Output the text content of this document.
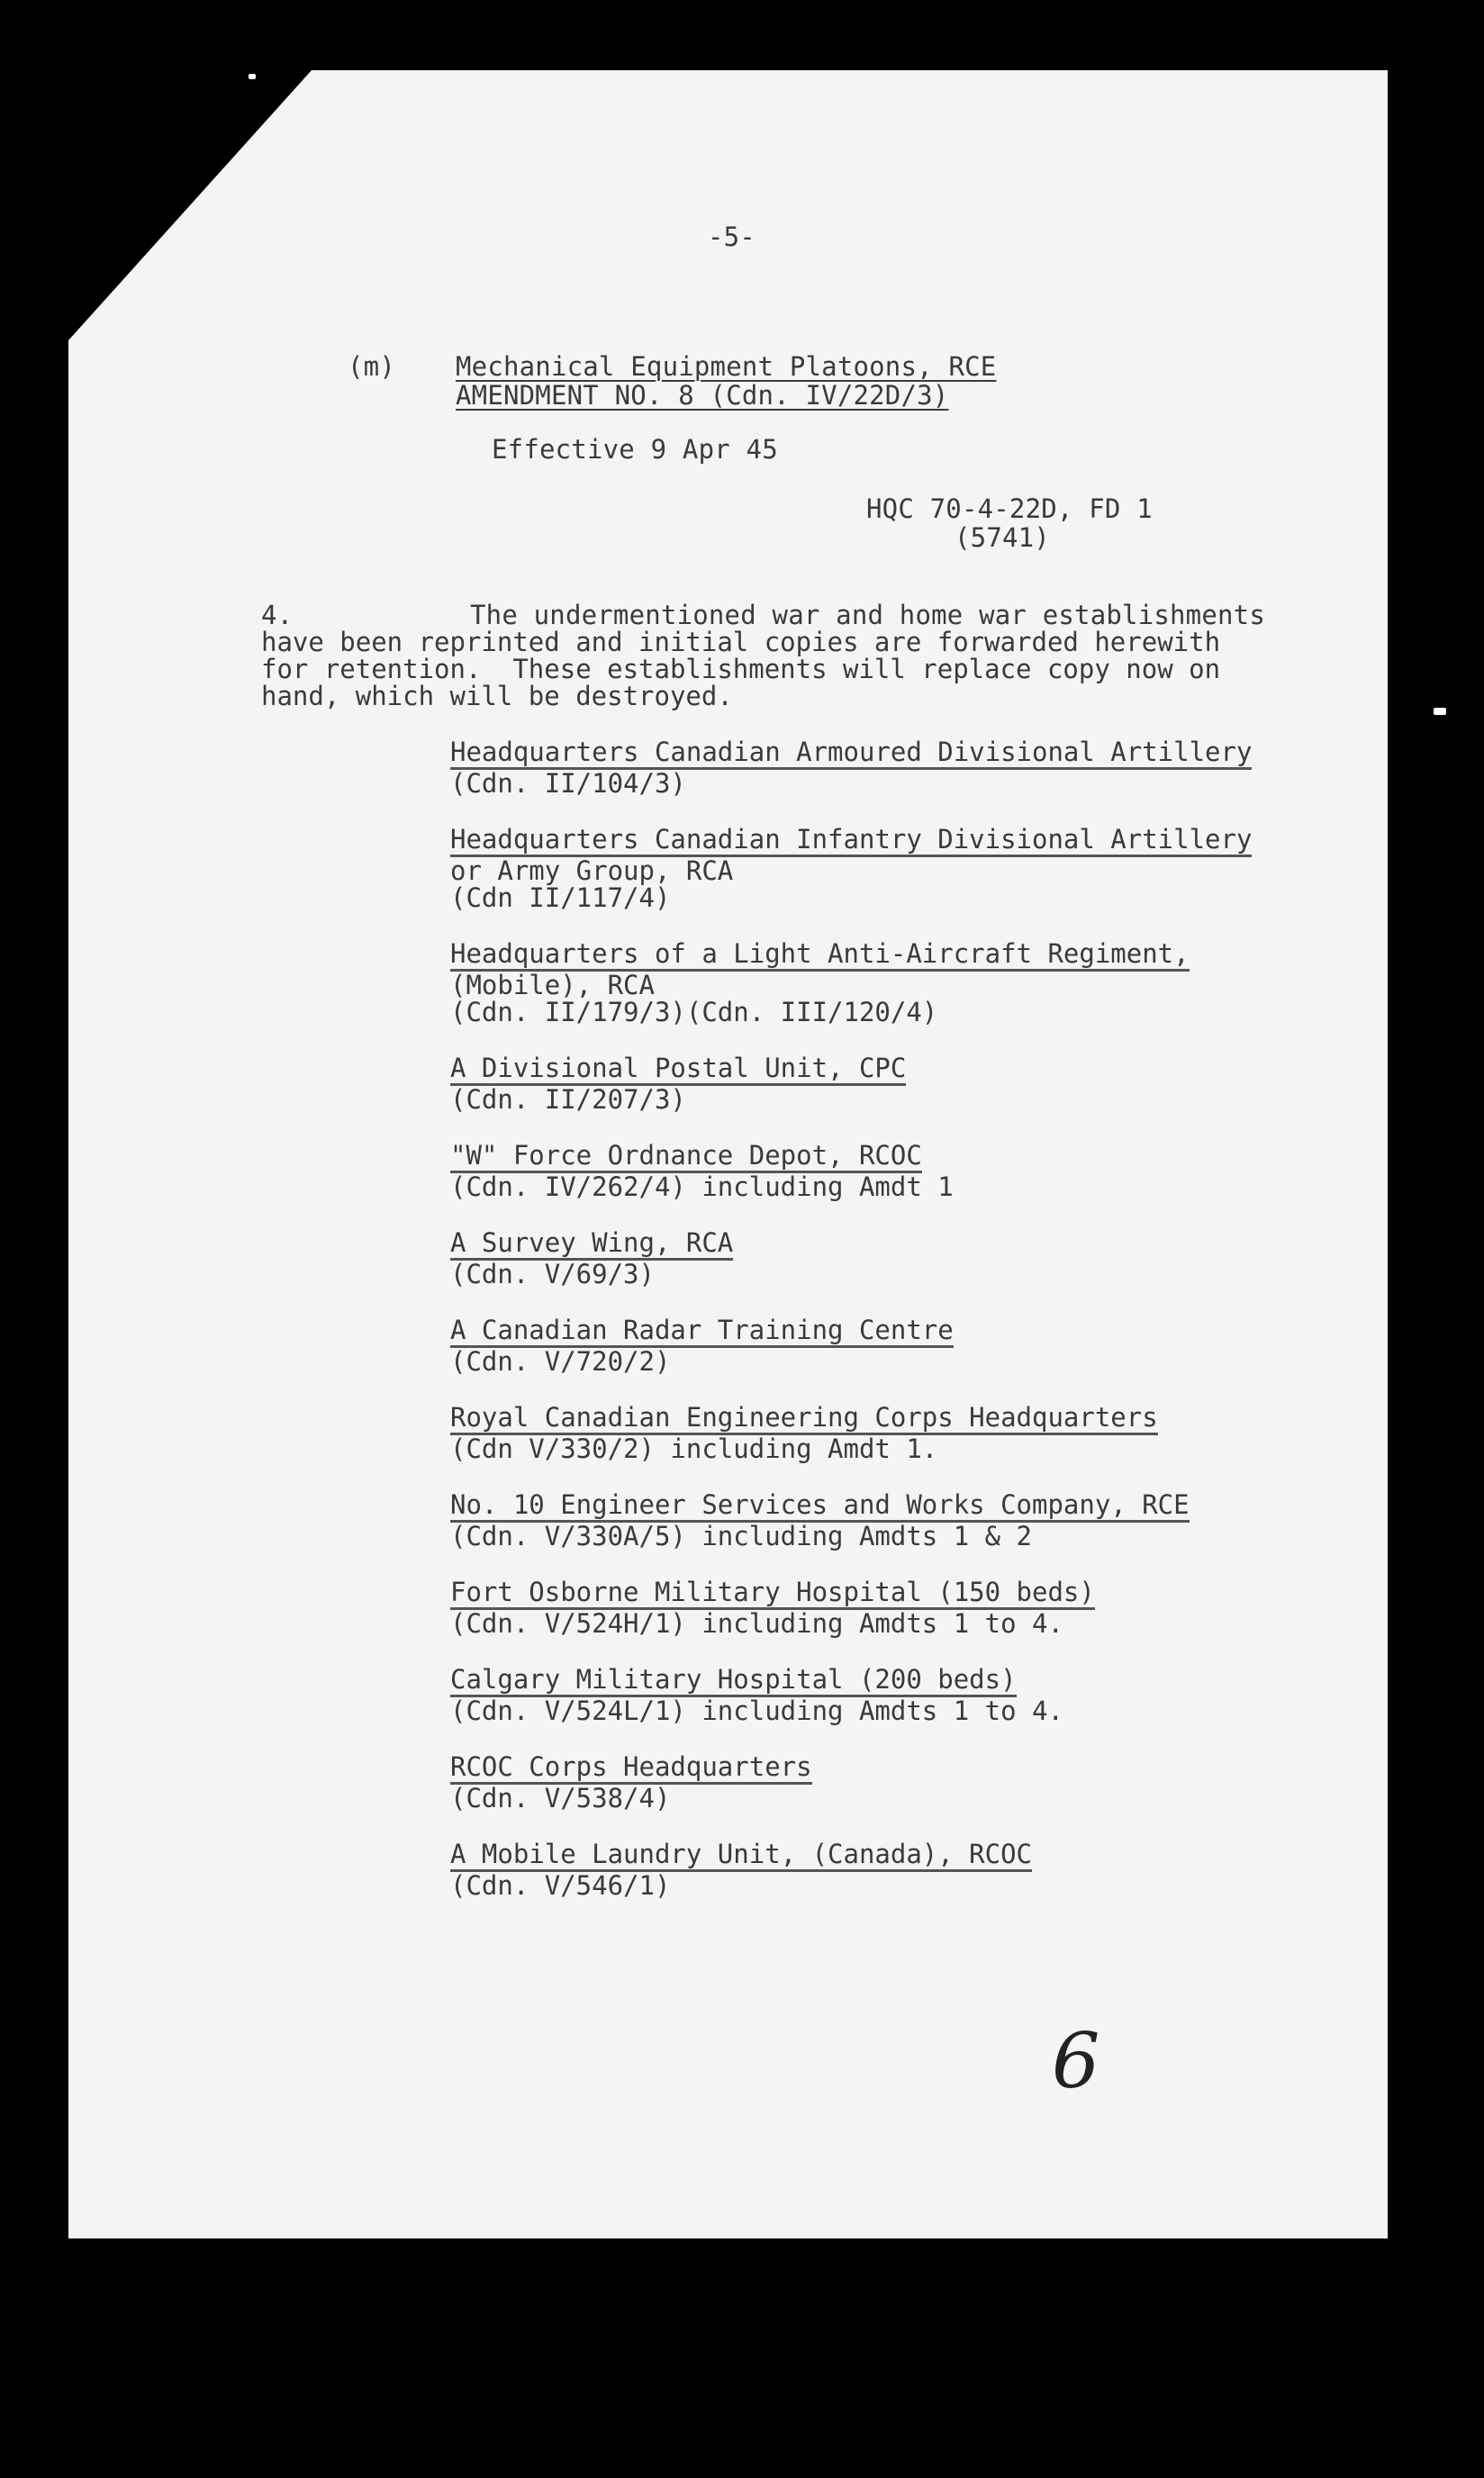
-5-
(m) Mechanical Equipment Platoons, RCE
AMENDMENT NO. 8 (Cdn. IV/22D/3)
Effective 9 Apr 45
HQC 70-4-22D, FD 1
(5741)
4.	The undermentioned war and home war establishments
have been reprinted and initial copies are forwarded herewith
for retention.  These establishments will replace copy now on
hand, which will be destroyed.
Headquarters Canadian Armoured Divisional Artillery
(Cdn. II/104/3)
Headquarters Canadian Infantry Divisional Artillery
or Army Group, RCA
(Cdn II/117/4)
Headquarters of a Light Anti-Aircraft Regiment,
(Mobile), RCA
(Cdn. II/179/3)(Cdn. III/120/4)
A Divisional Postal Unit, CPC
(Cdn. II/207/3)
"W" Force Ordnance Depot, RCOC
(Cdn. IV/262/4) including Amdt 1
A Survey Wing, RCA
(Cdn. V/69/3)
A Canadian Radar Training Centre
(Cdn. V/720/2)
Royal Canadian Engineering Corps Headquarters
(Cdn V/330/2) including Amdt 1.
No. 10 Engineer Services and Works Company, RCE
(Cdn. V/330A/5) including Amdts 1 & 2
Fort Osborne Military Hospital (150 beds)
(Cdn. V/524H/1) including Amdts 1 to 4.
Calgary Military Hospital (200 beds)
(Cdn. V/524L/1) including Amdts 1 to 4.
RCOC Corps Headquarters
(Cdn. V/538/4)
A Mobile Laundry Unit, (Canada), RCOC
(Cdn. V/546/1)
6
